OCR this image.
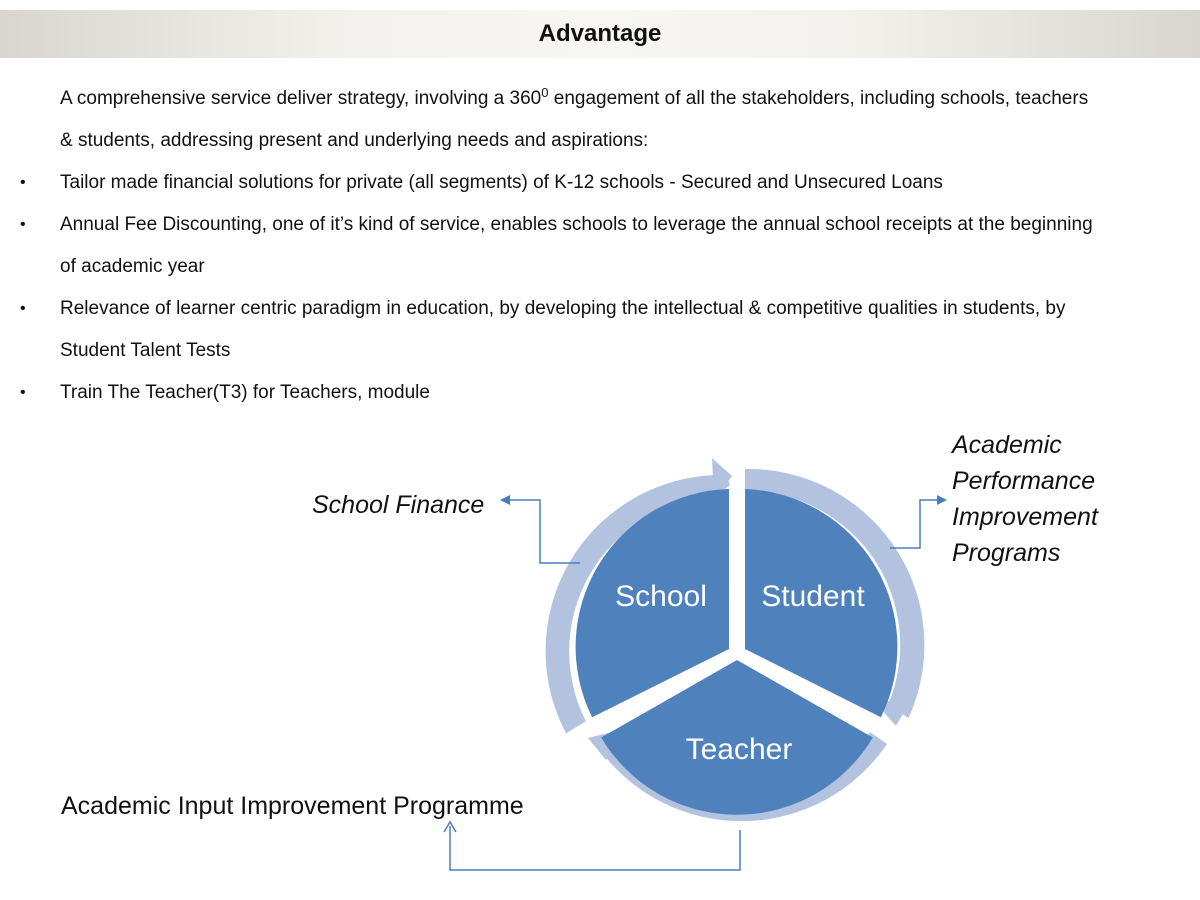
Advantage

A comprehensive service deliver strategy, involving a $360^0$ engagement of all the stakeholders, including schools, teachers & students, addressing present and underlying needs and aspirations:

• Tailor made financial solutions for private (all segments) of K-12 schools - Secured and Unsecured Loans
• Annual Fee Discounting, one of it’s kind of service, enables schools to leverage the annual school receipts at the beginning of academic year
• Relevance of learner centric paradigm in education, by developing the intellectual & competitive qualities in students, by Student Talent Tests
• Train The Teacher(T3) for Teachers, module
School Student
Teacher
School Finance
Academic
Performance
Improvement
Programs
Academic Input Improvement Programme
